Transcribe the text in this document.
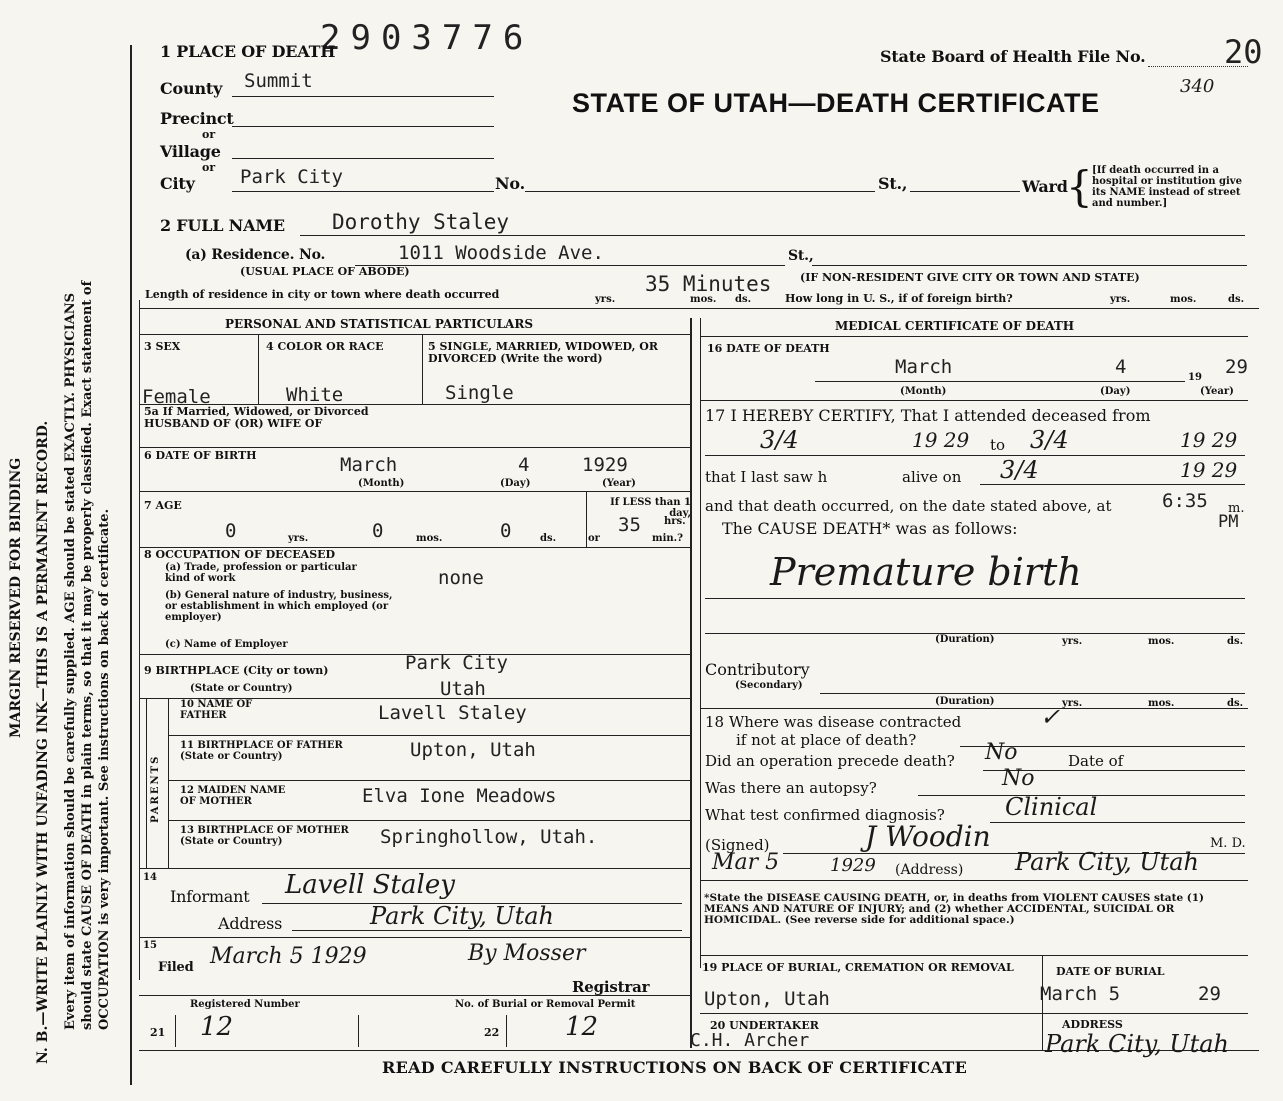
MARGIN RESERVED FOR BINDING N. B.—WRITE PLAINLY WITH UNFADING INK—THIS IS A PERMANENT RECORD. Every item of information should be carefully supplied. AGE should be stated EXACTLY. PHYSICIANS should state CAUSE OF DEATH in plain terms, so that it may be properly classified. Exact statement of OCCUPATION is very important. See instructions on back of certificate.
2903776
1 PLACE OF DEATH	State Board of Health File No. 20
340
STATE OF UTAH—DEATH CERTIFICATE
County Summit
Precinct
or
Village
or
City Park City	No.	St.,	Ward
{ [If death occurred in a hospital or institution give its NAME instead of street and number.]
2 FULL NAME Dorothy Staley
(a) Residence. No.	1011 Woodside Ave.	St.,
(USUAL PLACE OF ABODE)	(IF NON-RESIDENT GIVE CITY OR TOWN AND STATE)
Length of residence in city or town where death occurred	35 Minutes
yrs.	mos. ds.	How long in U. S., if of foreign birth?	yrs.	mos.	ds.
PERSONAL AND STATISTICAL PARTICULARS
3 SEX
Female
4 COLOR OR RACE
White
5 SINGLE, MARRIED, WIDOWED, OR DIVORCED (Write the word)
Single
5a If Married, Widowed, or Divorced HUSBAND OF (OR) WIFE OF
6 DATE OF BIRTH	March	4	1929
(Month)	(Day)	(Year)
7 AGE
0	yrs.	0	mos.	0	ds.
If LESS than 1 day,
35 hrs.
or	min.?
8 OCCUPATION OF DECEASED
(a) Trade, profession or particular kind of work	none
(b) General nature of industry, business, or establishment in which employed (or employer)
(c) Name of Employer
9 BIRTHPLACE (City or town)	Park City
(State or Country)	Utah
PARENTS
10 NAME OF FATHER	Lavell Staley
11 BIRTHPLACE OF FATHER (State or Country)	Upton, Utah
12 MAIDEN NAME OF MOTHER	Elva Ione Meadows
13 BIRTHPLACE OF MOTHER (State or Country)	Springhollow, Utah.
14
Informant Lavell Staley
Address	Park City, Utah
15
Filed March 5 1929	By Mosser
Registrar
Registered Number
21 12
No. of Burial or Removal Permit
22	12
MEDICAL CERTIFICATE OF DEATH
16 DATE OF DEATH
March	4	19 29
(Month)	(Day)	(Year)
17 I HEREBY CERTIFY, That I attended deceased from
3/4	19 29 to 3/4	19 29
that I last saw h	alive on 3/4	19 29
and that death occurred, on the date stated above, at	6:35 m.
PM
The CAUSE DEATH* was as follows:
Premature birth
(Duration)	yrs.	mos.	ds.
Contributory
(Secondary)
(Duration)	yrs.	mos.	ds.
18 Where was disease contracted	✓
if not at place of death?
Did an operation precede death? No	Date of
Was there an autopsy?	No
What test confirmed diagnosis?	Clinical
(Signed)	J Woodin	M. D.
Mar 5	1929 (Address) Park City, Utah
*State the DISEASE CAUSING DEATH, or, in deaths from VIOLENT CAUSES state (1) MEANS AND NATURE OF INJURY; and (2) whether ACCIDENTAL, SUICIDAL OR HOMICIDAL. (See reverse side for additional space.)
19 PLACE OF BURIAL, CREMATION OR REMOVAL
Upton, Utah
DATE OF BURIAL
March 5	29
20 UNDERTAKER
C.H. Archer
ADDRESS
Park City, Utah
READ CAREFULLY INSTRUCTIONS ON BACK OF CERTIFICATE
